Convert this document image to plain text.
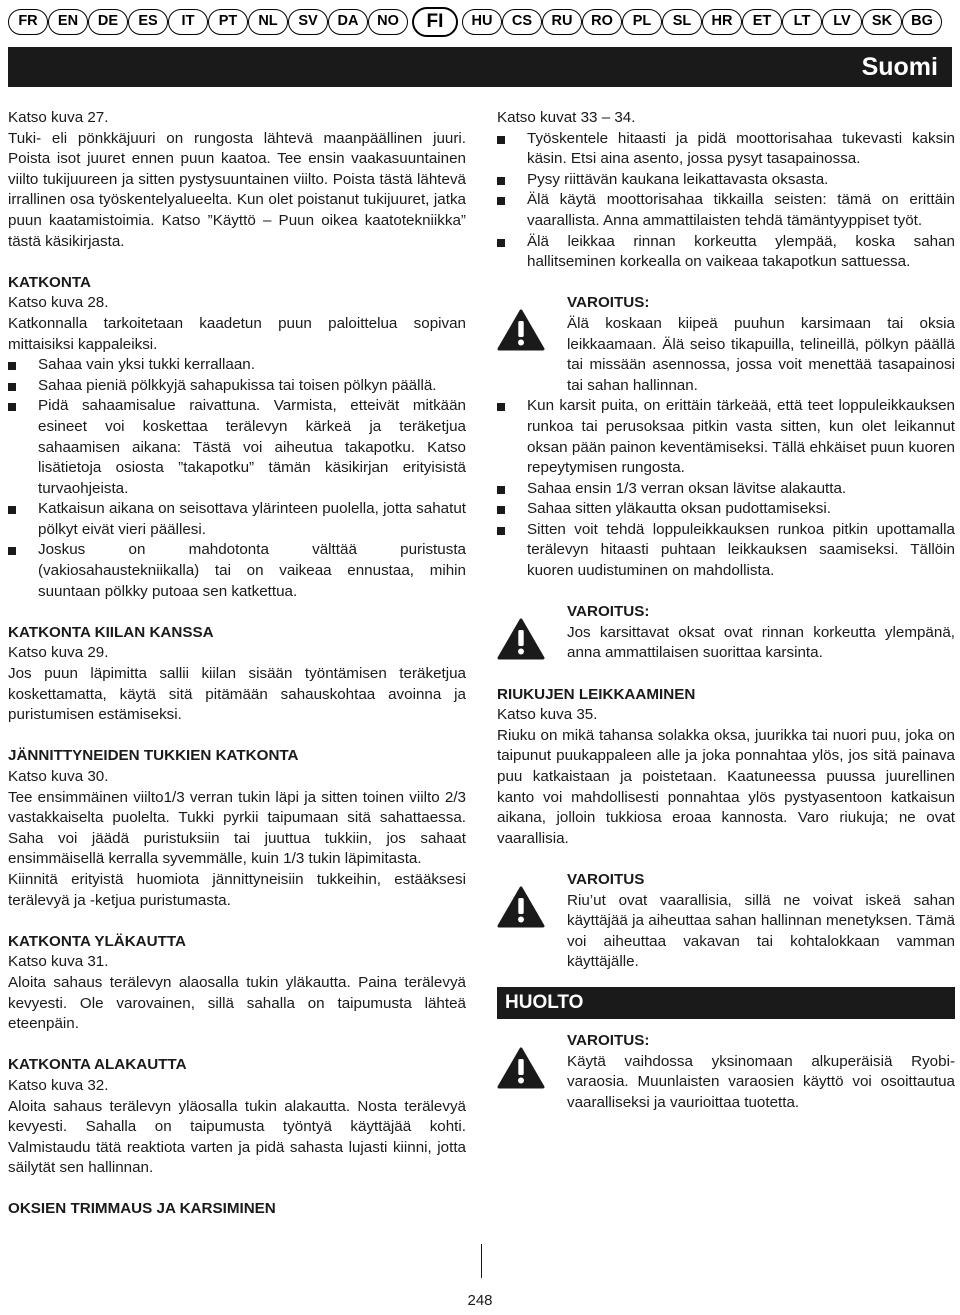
FR EN DE ES IT PT NL SV DA NO FI HU CS RU RO PL SL HR ET LT LV SK BG
Suomi

Katso kuva 27.

Tuki- eli pönkkäjuuri on rungosta lähtevä maanpäällinen juuri. Poista isot juuret ennen puun kaatoa. Tee ensin vaakasuuntainen viilto tukijuureen ja sitten pystysuuntainen viilto. Poista tästä lähtevä irrallinen osa työskentelyalueelta. Kun olet poistanut tukijuuret, jatka puun kaatamistoimia. Katso ”Käyttö – Puun oikea kaatotekniikka” tästä käsikirjasta.

KATKONTA

Katso kuva 28.

Katkonnalla tarkoitetaan kaadetun puun paloittelua sopivan mittaisiksi kappaleiksi.

Sahaa vain yksi tukki kerrallaan.
Sahaa pieniä pölkkyjä sahapukissa tai toisen pölkyn päällä.
Pidä sahaamisalue raivattuna. Varmista, etteivät mitkään esineet voi koskettaa terälevyn kärkeä ja teräketjua sahaamisen aikana: Tästä voi aiheutua takapotku. Katso lisätietoja osiosta ”takapotku” tämän käsikirjan erityisistä turvaohjeista.
Katkaisun aikana on seisottava ylärinteen puolella, jotta sahatut pölkyt eivät vieri päällesi.
Joskus on mahdotonta välttää puristusta (vakiosahaustekniikalla) tai on vaikeaa ennustaa, mihin suuntaan pölkky putoaa sen katkettua.
KATKONTA KIILAN KANSSA

Katso kuva 29.

Jos puun läpimitta sallii kiilan sisään työntämisen teräketjua koskettamatta, käytä sitä pitämään sahauskohtaa avoinna ja puristumisen estämiseksi.

JÄNNITTYNEIDEN TUKKIEN KATKONTA

Katso kuva 30.

Tee ensimmäinen viilto1/3 verran tukin läpi ja sitten toinen viilto 2/3 vastakkaiselta puolelta. Tukki pyrkii taipumaan sitä sahattaessa. Saha voi jäädä puristuksiin tai juuttua tukkiin, jos sahaat ensimmäisellä kerralla syvemmälle, kuin 1/3 tukin läpimitasta.

Kiinnitä erityistä huomiota jännittyneisiin tukkeihin, estääksesi terälevyä ja -ketjua puristumasta.

KATKONTA YLÄKAUTTA

Katso kuva 31.

Aloita sahaus terälevyn alaosalla tukin yläkautta. Paina terälevyä kevyesti. Ole varovainen, sillä sahalla on taipumusta lähteä eteenpäin.

KATKONTA ALAKAUTTA

Katso kuva 32.

Aloita sahaus terälevyn yläosalla tukin alakautta. Nosta terälevyä kevyesti. Sahalla on taipumusta työntyä käyttäjää kohti. Valmistaudu tätä reaktiota varten ja pidä sahasta lujasti kiinni, jotta säilytät sen hallinnan.

OKSIEN TRIMMAUS JA KARSIMINEN

Katso kuvat 33 – 34.

Työskentele hitaasti ja pidä moottorisahaa tukevasti kaksin käsin. Etsi aina asento, jossa pysyt tasapainossa.
Pysy riittävän kaukana leikattavasta oksasta.
Älä käytä moottorisahaa tikkailla seisten: tämä on erittäin vaarallista. Anna ammattilaisten tehdä tämäntyyppiset työt.
Älä leikkaa rinnan korkeutta ylempää, koska sahan hallitseminen korkealla on vaikeaa takapotkun sattuessa.
VAROITUS:

Älä koskaan kiipeä puuhun karsimaan tai oksia leikkaamaan. Älä seiso tikapuilla, telineillä, pölkyn päällä tai missään asennossa, jossa voit menettää tasapainosi tai sahan hallinnan.

Kun karsit puita, on erittäin tärkeää, että teet loppuleikkauksen runkoa tai perusoksaa pitkin vasta sitten, kun olet leikannut oksan pään painon keventämiseksi. Tällä ehkäiset puun kuoren repeytymisen rungosta.
Sahaa ensin 1/3 verran oksan lävitse alakautta.
Sahaa sitten yläkautta oksan pudottamiseksi.
Sitten voit tehdä loppuleikkauksen runkoa pitkin upottamalla terälevyn hitaasti puhtaan leikkauksen saamiseksi. Tällöin kuoren uudistuminen on mahdollista.
VAROITUS:

Jos karsittavat oksat ovat rinnan korkeutta ylempänä, anna ammattilaisen suorittaa karsinta.

RIUKUJEN LEIKKAAMINEN

Katso kuva 35.

Riuku on mikä tahansa solakka oksa, juurikka tai nuori puu, joka on taipunut puukappaleen alle ja joka ponnahtaa ylös, jos sitä painava puu katkaistaan ja poistetaan. Kaatuneessa puussa juurellinen kanto voi mahdollisesti ponnahtaa ylös pystyasentoon katkaisun aikana, jolloin tukkiosa eroaa kannosta. Varo riukuja; ne ovat vaarallisia.

VAROITUS

Riu’ut ovat vaarallisia, sillä ne voivat iskeä sahan käyttäjää ja aiheuttaa sahan hallinnan menetyksen. Tämä voi aiheuttaa vakavan tai kohtalokkaan vamman käyttäjälle.

HUOLTO
VAROITUS:

Käytä vaihdossa yksinomaan alkuperäisiä Ryobi-varaosia. Muunlaisten varaosien käyttö voi osoittautua vaaralliseksi ja vaurioittaa tuotetta.

248
